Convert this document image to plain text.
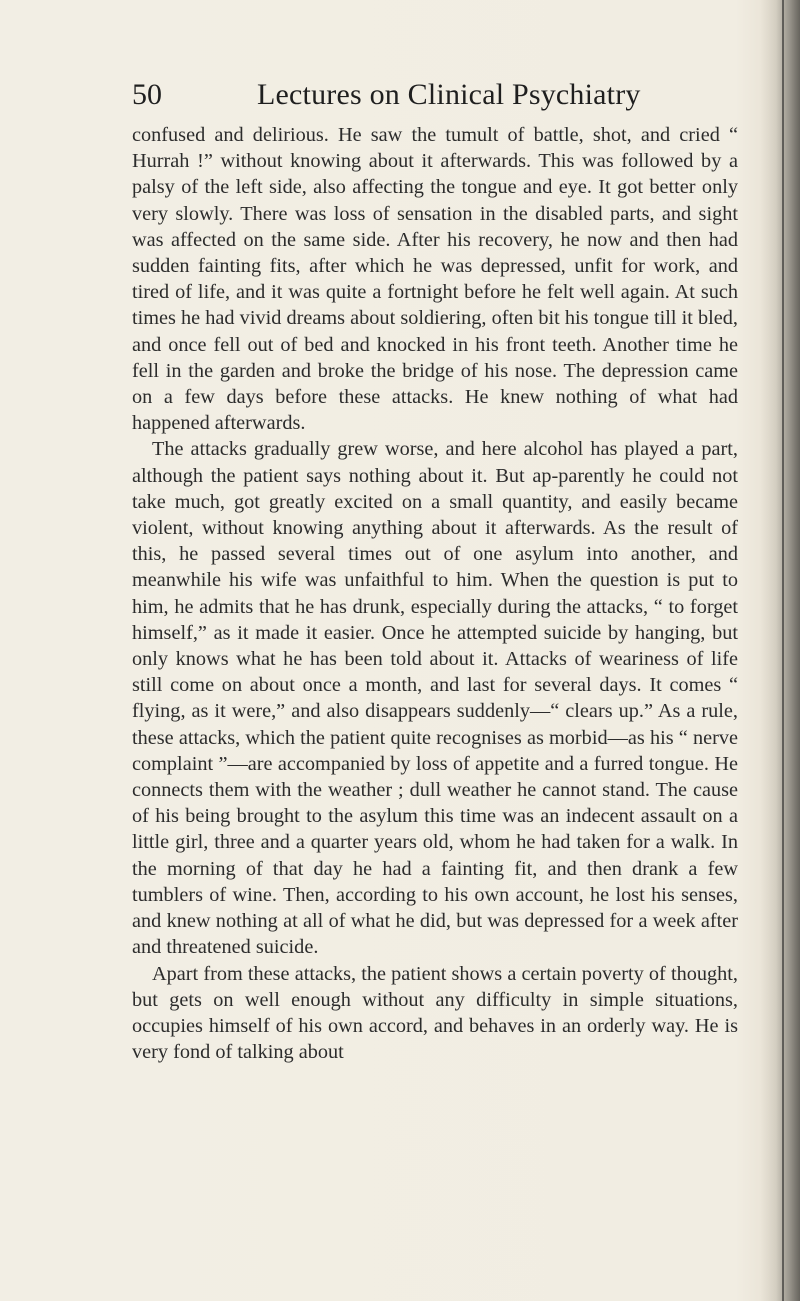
50	Lectures on Clinical Psychiatry

confused and delirious. He saw the tumult of battle, shot, and cried “ Hurrah !” without knowing about it afterwards. This was followed by a palsy of the left side, also affecting the tongue and eye. It got better only very slowly. There was loss of sensation in the disabled parts, and sight was affected on the same side. After his recovery, he now and then had sudden fainting fits, after which he was depressed, unfit for work, and tired of life, and it was quite a fortnight before he felt well again. At such times he had vivid dreams about soldiering, often bit his tongue till it bled, and once fell out of bed and knocked in his front teeth. Another time he fell in the garden and broke the bridge of his nose. The depression came on a few days before these attacks. He knew nothing of what had happened afterwards.

The attacks gradually grew worse, and here alcohol has played a part, although the patient says nothing about it. But ap-parently he could not take much, got greatly excited on a small quantity, and easily became violent, without knowing anything about it afterwards. As the result of this, he passed several times out of one asylum into another, and meanwhile his wife was unfaithful to him. When the question is put to him, he admits that he has drunk, especially during the attacks, “ to forget himself,” as it made it easier. Once he attempted suicide by hanging, but only knows what he has been told about it. Attacks of weariness of life still come on about once a month, and last for several days. It comes “ flying, as it were,” and also disappears suddenly—“ clears up.” As a rule, these attacks, which the patient quite recognises as morbid—as his “ nerve complaint ”—are accompanied by loss of appetite and a furred tongue. He connects them with the weather ; dull weather he cannot stand. The cause of his being brought to the asylum this time was an indecent assault on a little girl, three and a quarter years old, whom he had taken for a walk. In the morning of that day he had a fainting fit, and then drank a few tumblers of wine. Then, according to his own account, he lost his senses, and knew nothing at all of what he did, but was depressed for a week after and threatened suicide.

Apart from these attacks, the patient shows a certain poverty of thought, but gets on well enough without any difficulty in simple situations, occupies himself of his own accord, and behaves in an orderly way. He is very fond of talking about
